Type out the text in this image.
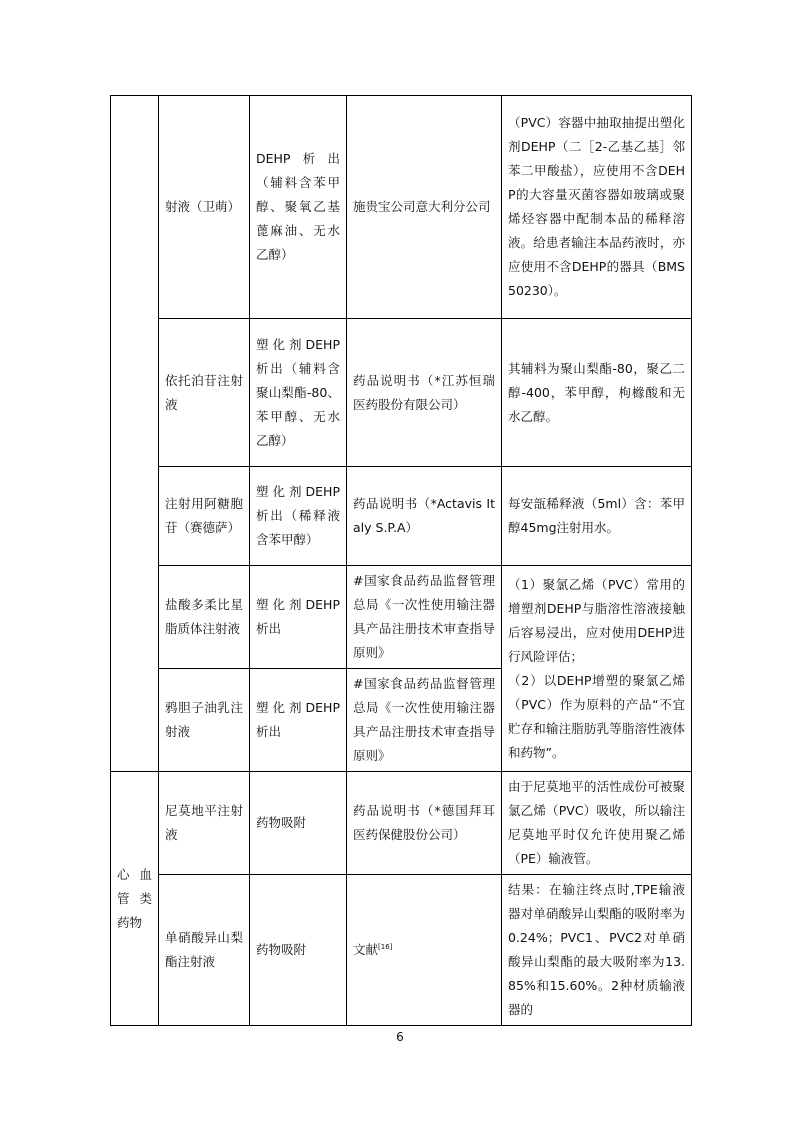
	射液（卫萌）	DEHP析出（辅料含苯甲醇、聚氧乙基蓖麻油、无水乙醇）	施贵宝公司意大利分公司	（PVC）容器中抽取抽提出塑化剂DEHP（二［2-乙基乙基］邻苯二甲酸盐），应使用不含DEHP的大容量灭菌容器如玻璃或聚烯烃容器中配制本品的稀释溶液。给患者输注本品药液时，亦应使用不含DEHP的器具（BMS50230）。
	依托泊苷注射液	塑化剂DEHP析出（辅料含聚山梨酯-80、苯甲醇、无水乙醇）	药品说明书（*江苏恒瑞医药股份有限公司）	其辅料为聚山梨酯-80，聚乙二醇-400，苯甲醇，枸橼酸和无水乙醇。
	注射用阿糖胞苷（赛德萨）	塑化剂DEHP析出（稀释液含苯甲醇）	药品说明书（*Actavis Italy S.P.A）	每安瓿稀释液（5ml）含：苯甲醇45mg注射用水。
	盐酸多柔比星脂质体注射液	塑化剂DEHP析出	#国家食品药品监督管理总局《一次性使用输注器具产品注册技术审查指导原则》	（1）聚氯乙烯（PVC）常用的增塑剂DEHP与脂溶性溶液接触后容易浸出，应对使用DEHP进行风险评估；
（2）以DEHP增塑的聚氯乙烯（PVC）作为原料的产品“不宜贮存和输注脂肪乳等脂溶性液体和药物”。

	鸦胆子油乳注射液	塑化剂DEHP析出	#国家食品药品监督管理总局《一次性使用输注器具产品注册技术审查指导原则》	
心血管类药物	尼莫地平注射液	药物吸附	药品说明书（*德国拜耳医药保健股份公司）	由于尼莫地平的活性成份可被聚氯乙烯（PVC）吸收，所以输注尼莫地平时仅允许使用聚乙烯（PE）输液管。
	单硝酸异山梨酯注射液	药物吸附	文献[16]	结果：在输注终点时,TPE输液器对单硝酸异山梨酯的吸附率为0.24%；PVC1、PVC2对单硝酸异山梨酯的最大吸附率为13.85%和15.60%。2种材质输液器的
6
